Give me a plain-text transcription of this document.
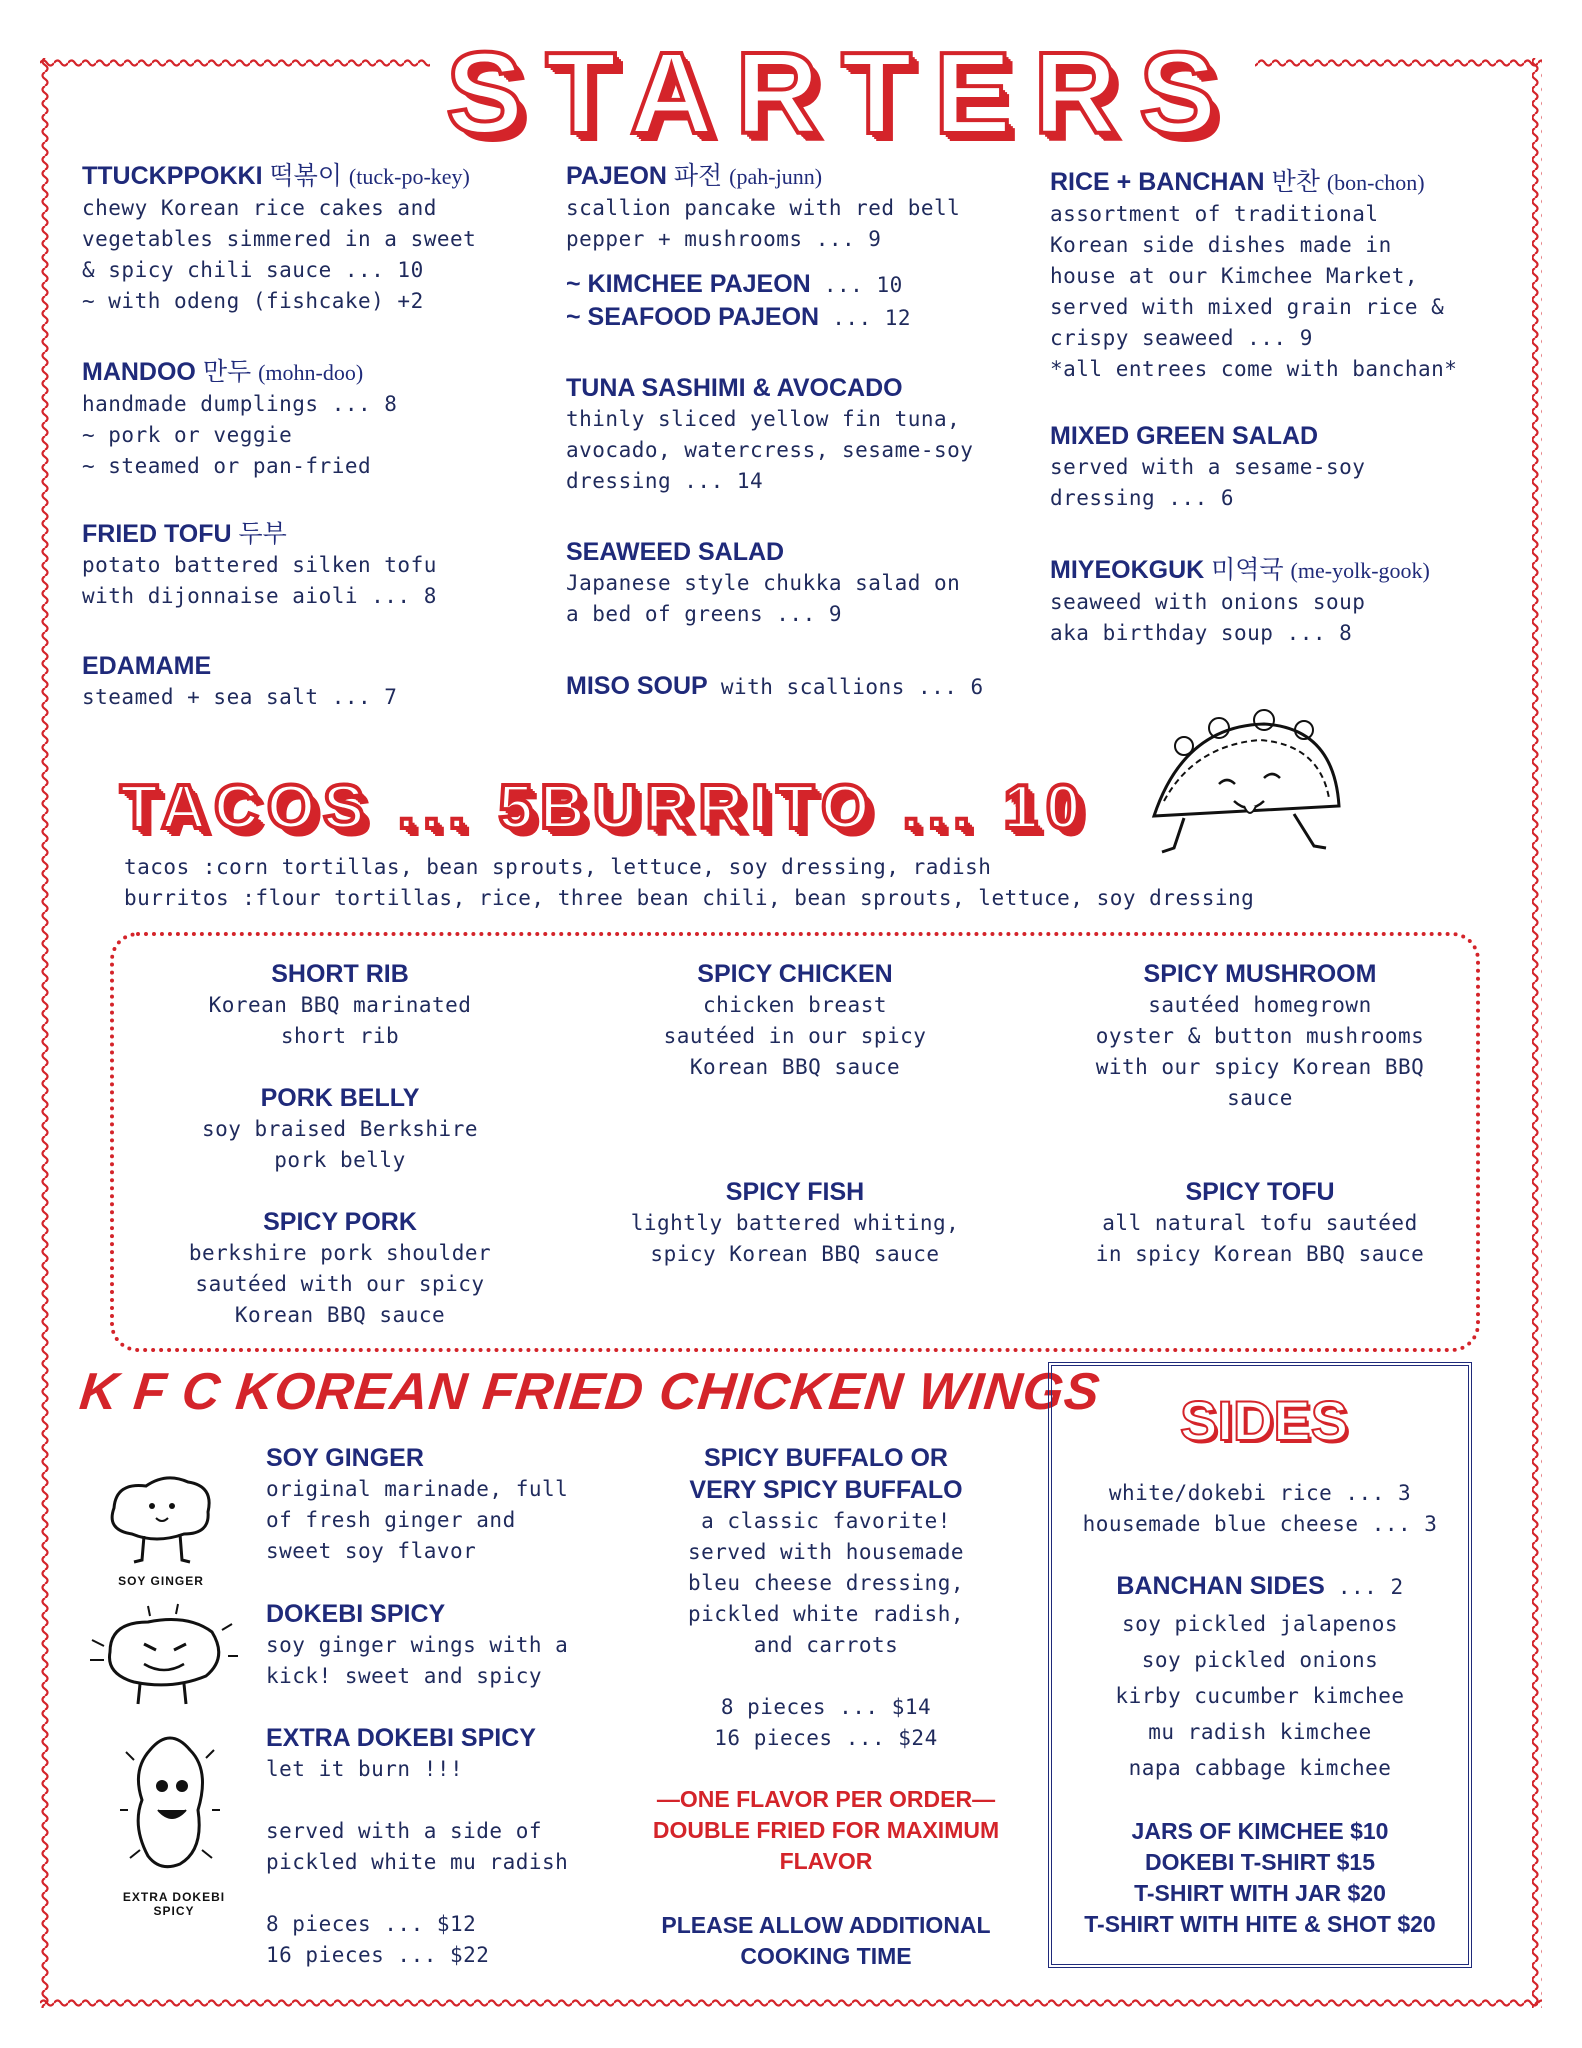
STARTERS
TTUCKPPOKKI 떡볶이 (tuck-po-key)
chewy Korean rice cakes and
vegetables simmered in a sweet
& spicy chili sauce ... 10
~ with odeng (fishcake) +2
MANDOO 만두 (mohn-doo)
handmade dumplings ... 8
~ pork or veggie
~ steamed or pan-fried
FRIED TOFU 두부
potato battered silken tofu
with dijonnaise aioli ... 8
EDAMAME
steamed + sea salt ... 7
PAJEON 파전 (pah-junn)
scallion pancake with red bell
pepper + mushrooms ... 9
~ KIMCHEE PAJEON ... 10
~ SEAFOOD PAJEON ... 12
TUNA SASHIMI & AVOCADO
thinly sliced yellow fin tuna,
avocado, watercress, sesame-soy
dressing ... 14
SEAWEED SALAD
Japanese style chukka salad on
a bed of greens ... 9
MISO SOUP with scallions ... 6
RICE + BANCHAN 반찬 (bon-chon)
assortment of traditional
Korean side dishes made in
house at our Kimchee Market,
served with mixed grain rice &
crispy seaweed ... 9
*all entrees come with banchan*
MIXED GREEN SALAD
served with a sesame-soy
dressing ... 6
MIYEOKGUK 미역국 (me-yolk-gook)
seaweed with onions soup
aka birthday soup ... 8
TACOS ... 5
BURRITO ... 10
tacos :corn tortillas, bean sprouts, lettuce, soy dressing, radish
burritos :flour tortillas, rice, three bean chili, bean sprouts, lettuce, soy dressing
SHORT RIB
Korean BBQ marinated
short rib
SPICY CHICKEN
chicken breast
sautéed in our spicy
Korean BBQ sauce
SPICY MUSHROOM
sautéed homegrown
oyster & button mushrooms
with our spicy Korean BBQ
sauce
PORK BELLY
soy braised Berkshire
pork belly
SPICY PORK
berkshire pork shoulder
sautéed with our spicy
Korean BBQ sauce
SPICY FISH
lightly battered whiting,
spicy Korean BBQ sauce
SPICY TOFU
all natural tofu sautéed
in spicy Korean BBQ sauce
K F C KOREAN FRIED CHICKEN WINGS
SOY GINGER
EXTRA DOKEBI
SPICY
SOY GINGER
original marinade, full
of fresh ginger and
sweet soy flavor
DOKEBI SPICY
soy ginger wings with a
kick! sweet and spicy
EXTRA DOKEBI SPICY
let it burn !!!

served with a side of
pickled white mu radish

8 pieces ... $12
16 pieces ... $22
SPICY BUFFALO OR
VERY SPICY BUFFALO
a classic favorite!
served with housemade
bleu cheese dressing,
pickled white radish,
and carrots

8 pieces ... $14
16 pieces ... $24
—ONE FLAVOR PER ORDER—
DOUBLE FRIED FOR MAXIMUM
FLAVOR
PLEASE ALLOW ADDITIONAL
COOKING TIME
SIDES
white/dokebi rice ... 3
housemade blue cheese ... 3
BANCHAN SIDES ... 2
soy pickled jalapenos
soy pickled onions
kirby cucumber kimchee
mu radish kimchee
napa cabbage kimchee
JARS OF KIMCHEE $10
DOKEBI T-SHIRT $15
T-SHIRT WITH JAR $20
T-SHIRT WITH HITE & SHOT $20
